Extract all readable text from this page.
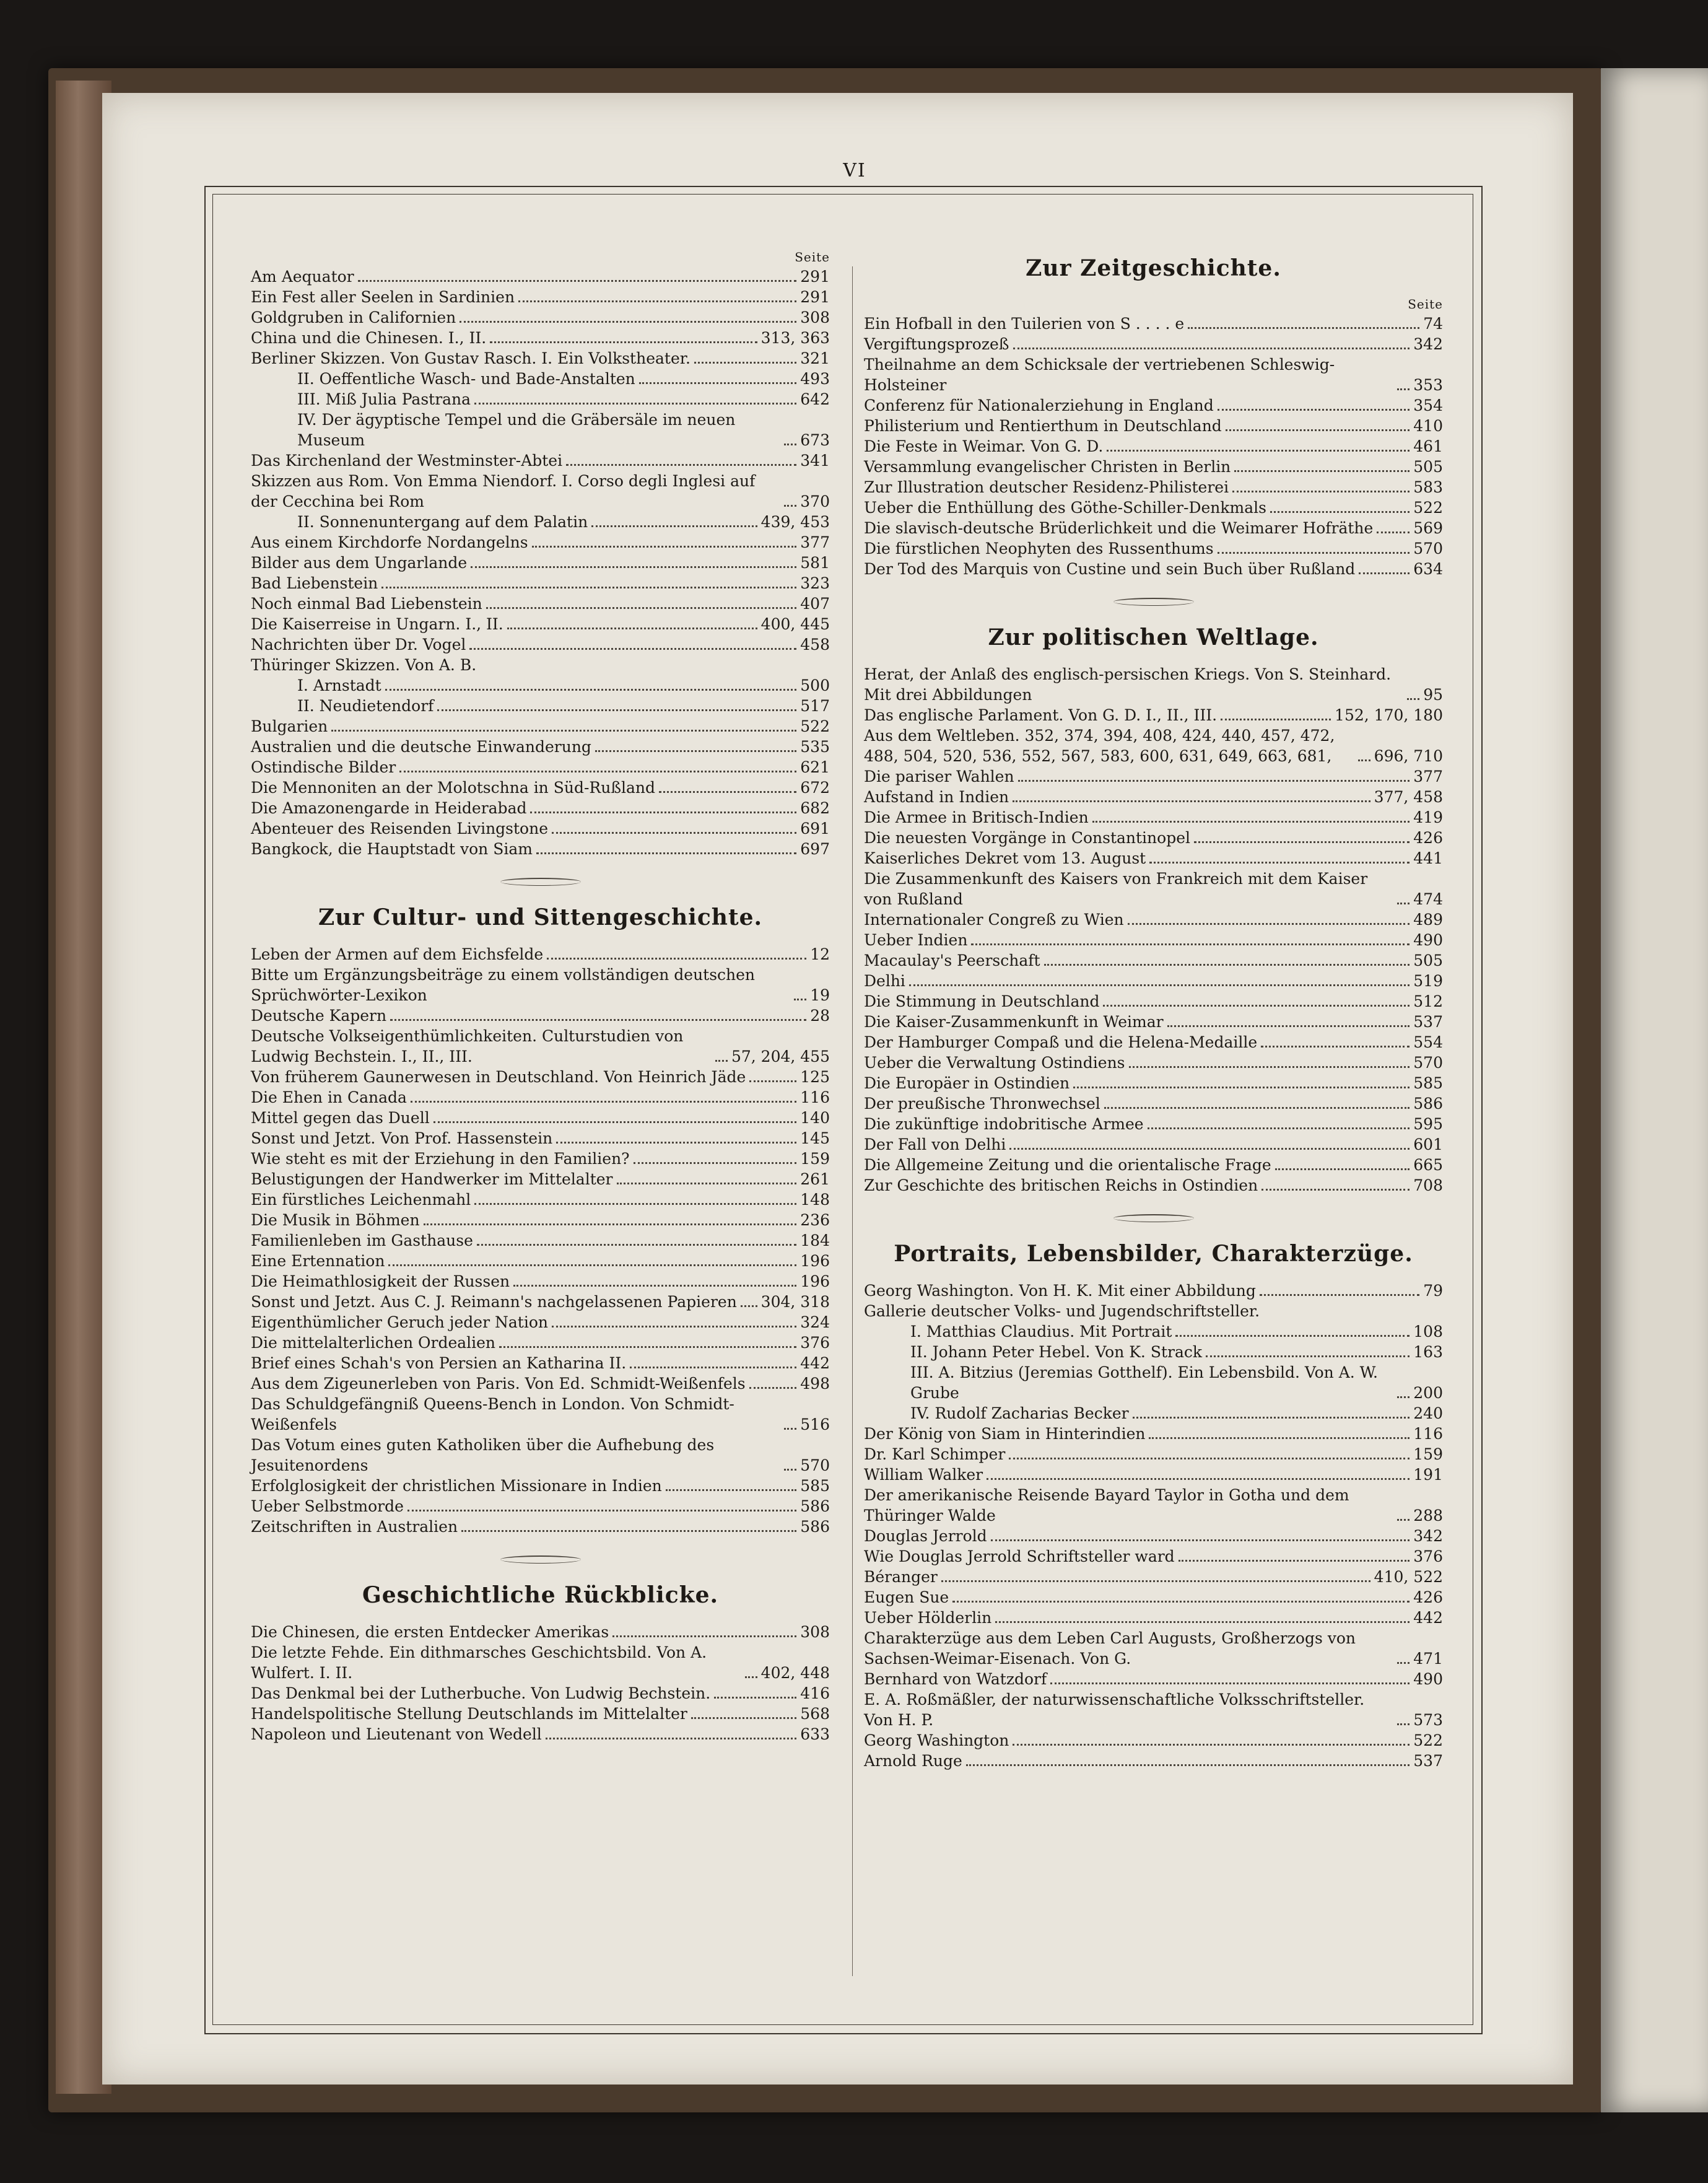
VI
Seite
Am Aequator	291
Ein Fest aller Seelen in Sardinien	291
Goldgruben in Californien	308
China und die Chinesen. I., II.	313, 363
Berliner Skizzen. Von Gustav Rasch. I. Ein Volkstheater.	321
II. Oeffentliche Wasch- und Bade-Anstalten	493
III. Miß Julia Pastrana	642
IV. Der ägyptische Tempel und die Gräbersäle im neuen Museum	673
Das Kirchenland der Westminster-Abtei	341
Skizzen aus Rom. Von Emma Niendorf. I. Corso degli Inglesi auf der Cecchina bei Rom	370
II. Sonnenuntergang auf dem Palatin	439, 453
Aus einem Kirchdorfe Nordangelns	377
Bilder aus dem Ungarlande	581
Bad Liebenstein	323
Noch einmal Bad Liebenstein	407
Die Kaiserreise in Ungarn. I., II.	400, 445
Nachrichten über Dr. Vogel	458
Thüringer Skizzen. Von A. B.
I. Arnstadt	500
II. Neudietendorf	517
Bulgarien	522
Australien und die deutsche Einwanderung	535
Ostindische Bilder	621
Die Mennoniten an der Molotschna in Süd-Rußland	672
Die Amazonengarde in Heiderabad	682
Abenteuer des Reisenden Livingstone	691
Bangkock, die Hauptstadt von Siam	697
Zur Cultur- und Sittengeschichte.
Leben der Armen auf dem Eichsfelde	12
Bitte um Ergänzungsbeiträge zu einem vollständigen deutschen Sprüchwörter-Lexikon	19
Deutsche Kapern	28
Deutsche Volkseigenthümlichkeiten. Culturstudien von Ludwig Bechstein. I., II., III.	57, 204, 455
Von früherem Gaunerwesen in Deutschland. Von Heinrich Jäde	125
Die Ehen in Canada	116
Mittel gegen das Duell	140
Sonst und Jetzt. Von Prof. Hassenstein	145
Wie steht es mit der Erziehung in den Familien?	159
Belustigungen der Handwerker im Mittelalter	261
Ein fürstliches Leichenmahl	148
Die Musik in Böhmen	236
Familienleben im Gasthause	184
Eine Ertennation	196
Die Heimathlosigkeit der Russen	196
Sonst und Jetzt. Aus C. J. Reimann's nachgelassenen Papieren 304, 318
Eigenthümlicher Geruch jeder Nation	324
Die mittelalterlichen Ordealien	376
Brief eines Schah's von Persien an Katharina II.	442
Aus dem Zigeunerleben von Paris. Von Ed. Schmidt-Weißenfels	498
Das Schuldgefängniß Queens-Bench in London. Von Schmidt-Weißenfels	516
Das Votum eines guten Katholiken über die Aufhebung des Jesuitenordens	570
Erfolglosigkeit der christlichen Missionare in Indien	585
Ueber Selbstmorde	586
Zeitschriften in Australien	586
Geschichtliche Rückblicke.
Die Chinesen, die ersten Entdecker Amerikas	308
Die letzte Fehde. Ein dithmarsches Geschichtsbild. Von A. Wulfert. I. II.	402, 448
Das Denkmal bei der Lutherbuche. Von Ludwig Bechstein.	416
Handelspolitische Stellung Deutschlands im Mittelalter	568
Napoleon und Lieutenant von Wedell	633
Zur Zeitgeschichte.
Seite
Ein Hofball in den Tuilerien von S . . . . e	74
Vergiftungsprozeß	342
Theilnahme an dem Schicksale der vertriebenen Schleswig-Holsteiner	353
Conferenz für Nationalerziehung in England	354
Philisterium und Rentierthum in Deutschland	410
Die Feste in Weimar. Von G. D.	461
Versammlung evangelischer Christen in Berlin	505
Zur Illustration deutscher Residenz-Philisterei	583
Ueber die Enthüllung des Göthe-Schiller-Denkmals	522
Die slavisch-deutsche Brüderlichkeit und die Weimarer Hofräthe	569
Die fürstlichen Neophyten des Russenthums	570
Der Tod des Marquis von Custine und sein Buch über Rußland	634
Zur politischen Weltlage.
Herat, der Anlaß des englisch-persischen Kriegs. Von S. Steinhard. Mit drei Abbildungen	95
Das englische Parlament. Von G. D. I., II., III.	152, 170, 180
Aus dem Weltleben. 352, 374, 394, 408, 424, 440, 457, 472, 488, 504, 520, 536, 552, 567, 583, 600, 631, 649, 663, 681,	696, 710
Die pariser Wahlen	377
Aufstand in Indien	377, 458
Die Armee in Britisch-Indien	419
Die neuesten Vorgänge in Constantinopel	426
Kaiserliches Dekret vom 13. August	441
Die Zusammenkunft des Kaisers von Frankreich mit dem Kaiser von Rußland	474
Internationaler Congreß zu Wien	489
Ueber Indien	490
Macaulay's Peerschaft	505
Delhi	519
Die Stimmung in Deutschland	512
Die Kaiser-Zusammenkunft in Weimar	537
Der Hamburger Compaß und die Helena-Medaille	554
Ueber die Verwaltung Ostindiens	570
Die Europäer in Ostindien	585
Der preußische Thronwechsel	586
Die zukünftige indobritische Armee	595
Der Fall von Delhi	601
Die Allgemeine Zeitung und die orientalische Frage	665
Zur Geschichte des britischen Reichs in Ostindien	708
Portraits, Lebensbilder, Charakterzüge.
Georg Washington. Von H. K. Mit einer Abbildung	79
Gallerie deutscher Volks- und Jugendschriftsteller.
I. Matthias Claudius. Mit Portrait	108
II. Johann Peter Hebel. Von K. Strack	163
III. A. Bitzius (Jeremias Gotthelf). Ein Lebensbild. Von A. W. Grube	200
IV. Rudolf Zacharias Becker	240
Der König von Siam in Hinterindien	116
Dr. Karl Schimper	159
William Walker	191
Der amerikanische Reisende Bayard Taylor in Gotha und dem Thüringer Walde	288
Douglas Jerrold	342
Wie Douglas Jerrold Schriftsteller ward	376
Béranger	410, 522
Eugen Sue	426
Ueber Hölderlin	442
Charakterzüge aus dem Leben Carl Augusts, Großherzogs von Sachsen-Weimar-Eisenach. Von G.	471
Bernhard von Watzdorf	490
E. A. Roßmäßler, der naturwissenschaftliche Volksschriftsteller. Von H. P.	573
Georg Washington	522
Arnold Ruge	537
